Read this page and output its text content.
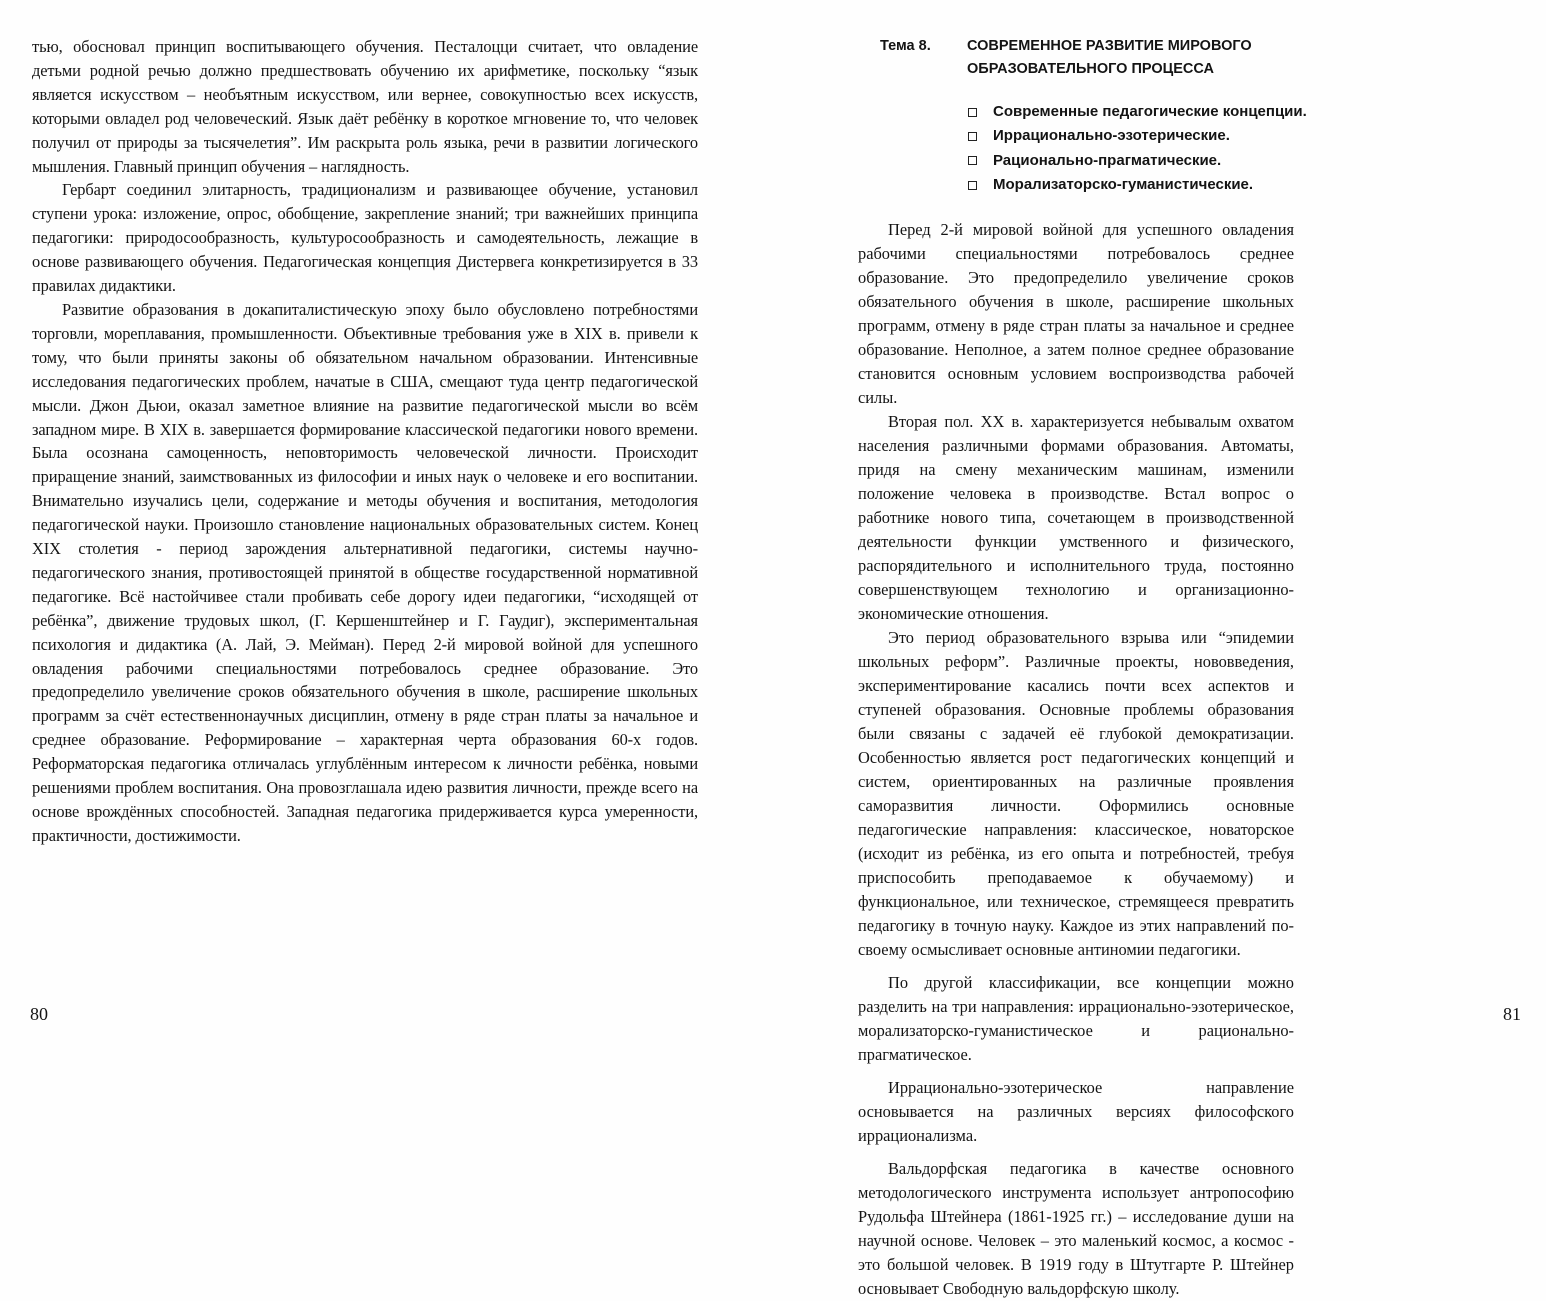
тью, обосновал принцип воспитывающего обучения. Песталоцци считает, что овладение детьми родной речью должно предшествовать обучению их арифметике, поскольку “язык является искусством – необъятным искусством, или вернее, совокупностью всех искусств, которыми овладел род человеческий. Язык даёт ребёнку в короткое мгновение то, что человек получил от природы за тысячелетия”. Им раскрыта роль языка, речи в развитии логического мышления. Главный принцип обучения – наглядность.

Гербарт соединил элитарность, традиционализм и развивающее обучение, установил ступени урока: изложение, опрос, обобщение, закрепление знаний; три важнейших принципа педагогики: природосообразность, культуросообразность и самодеятельность, лежащие в основе развивающего обучения. Педагогическая концепция Дистервега конкретизируется в 33 правилах дидактики.

Развитие образования в докапиталистическую эпоху было обусловлено потребностями торговли, мореплавания, промышленности. Объективные требования уже в XIX в. привели к тому, что были приняты законы об обязательном начальном образовании. Интенсивные исследования педагогических проблем, начатые в США, смещают туда центр педагогической мысли. Джон Дьюи, оказал заметное влияние на развитие педагогической мысли во всём западном мире. В XIX в. завершается формирование классической педагогики нового времени. Была осознана самоценность, неповторимость человеческой личности. Происходит приращение знаний, заимствованных из философии и иных наук о человеке и его воспитании. Внимательно изучались цели, содержание и методы обучения и воспитания, методология педагогической науки. Произошло становление национальных образовательных систем. Конец XIX столетия - период зарождения альтернативной педагогики, системы научно-педагогического знания, противостоящей принятой в обществе государственной нормативной педагогике. Всё настойчивее стали пробивать себе дорогу идеи педагогики, “исходящей от ребёнка”, движение трудовых школ, (Г. Кершенштейнер и Г. Гаудиг), экспериментальная психология и дидактика (А. Лай, Э. Мейман). Перед 2-й мировой войной для успешного овладения рабочими специальностями потребовалось среднее образование. Это предопределило увеличение сроков обязательного обучения в школе, расширение школьных программ за счёт естественнонаучных дисциплин, отмену в ряде стран платы за начальное и среднее образование. Реформирование – характерная черта образования 60-х годов. Реформаторская педагогика отличалась углублённым интересом к личности ребёнка, новыми решениями проблем воспитания. Она провозглашала идею развития личности, прежде всего на основе врождённых способностей. Западная педагогика придерживается курса умеренности, практичности, достижимости.

80
Тема 8.	СОВРЕМЕННОЕ РАЗВИТИЕ МИРОВОГО ОБРАЗОВАТЕЛЬНОГО ПРОЦЕССА
Современные педагогические концепции.
Иррационально-эзотерические.
Рационально-прагматические.
Морализаторско-гуманистические.

Перед 2-й мировой войной для успешного овладения рабочими специальностями потребовалось среднее образование. Это предопределило увеличение сроков обязательного обучения в школе, расширение школьных программ, отмену в ряде стран платы за начальное и среднее образование. Неполное, а затем полное среднее образование становится основным условием воспроизводства рабочей силы.

Вторая пол. XX в. характеризуется небывалым охватом населения различными формами образования. Автоматы, придя на смену механическим машинам, изменили положение человека в производстве. Встал вопрос о работнике нового типа, сочетающем в производственной деятельности функции умственного и физического, распорядительного и исполнительного труда, постоянно совершенствующем технологию и организационно-экономические отношения.

Это период образовательного взрыва или “эпидемии школьных реформ”. Различные проекты, нововведения, экспериментирование касались почти всех аспектов и ступеней образования. Основные проблемы образования были связаны с задачей её глубокой демократизации. Особенностью является рост педагогических концепций и систем, ориентированных на различные проявления саморазвития личности. Оформились основные педагогические направления: классическое, новаторское (исходит из ребёнка, из его опыта и потребностей, требуя приспособить преподаваемое к обучаемому) и функциональное, или техническое, стремящееся превратить педагогику в точную науку. Каждое из этих направлений по-своему осмысливает основные антиномии педагогики.

По другой классификации, все концепции можно разделить на три направления: иррационально-эзотерическое, морализаторско-гуманистическое и рационально-прагматическое.

Иррационально-эзотерическое направление основывается на различных версиях философского иррационализма.

Вальдорфская педагогика в качестве основного методологического инструмента использует антропософию Рудольфа Штейнера (1861-1925 гг.) – исследование души на научной основе. Человек – это маленький космос, а космос - это большой человек. В 1919 году в Штутгарте Р. Штейнер основывает Свободную вальдорфскую школу.

81
